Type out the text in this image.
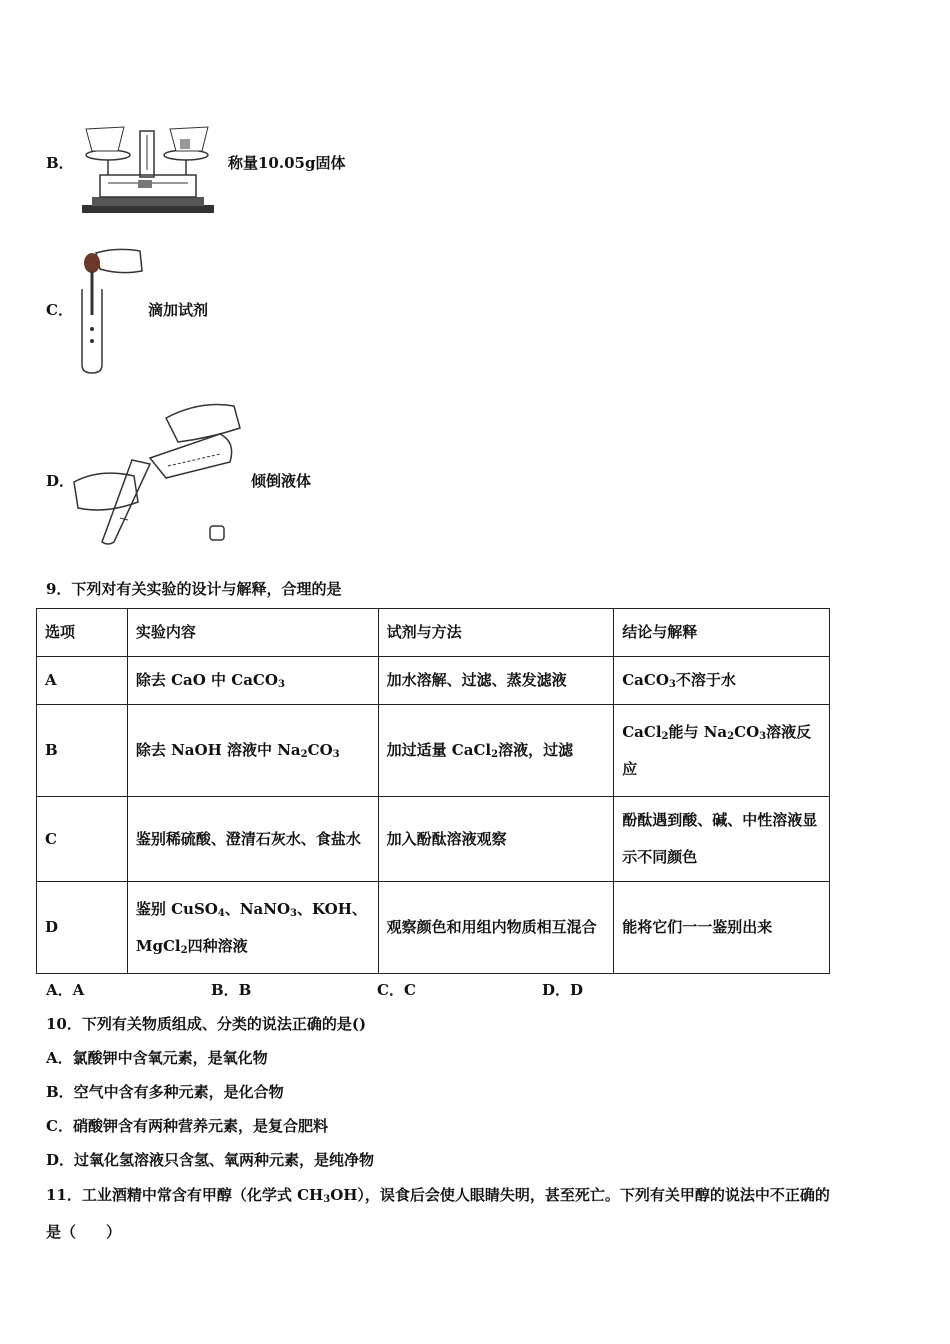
B．	称量10.05g固体
C．	滴加试剂
D．	倾倒液体
9．下列对有关实验的设计与解释，合理的是
选项	实验内容	试剂与方法	结论与解释
A	除去 CaO 中 CaCO$_3$	加水溶解、过滤、蒸发滤液	CaCO$_3$不溶于水
B	除去 NaOH 溶液中 $Na_2CO_3$	加过适量 CaCl$_2$溶液，过滤	CaCl$_2$能与 $Na_2CO_3$溶液反应
C	鉴别稀硫酸、澄清石灰水、食盐水	加入酚酞溶液观察	酚酞遇到酸、碱、中性溶液显示不同颜色
D	鉴别 CuSO$_4$、NaNO$_3$、KOH、MgCl$_2$四种溶液	观察颜色和用组内物质相互混合	能将它们一一鉴别出来
A．A	B．B	C．C	D．D
10．下列有关物质组成、分类的说法正确的是()
A．氯酸钾中含氧元素，是氧化物
B．空气中含有多种元素，是化合物
C．硝酸钾含有两种营养元素，是复合肥料
D．过氧化氢溶液只含氢、氧两种元素，是纯净物
11．工业酒精中常含有甲醇（化学式 $CH_3OH$），误食后会使人眼睛失明，甚至死亡。下列有关甲醇的说法中不正确的
是（　　）
